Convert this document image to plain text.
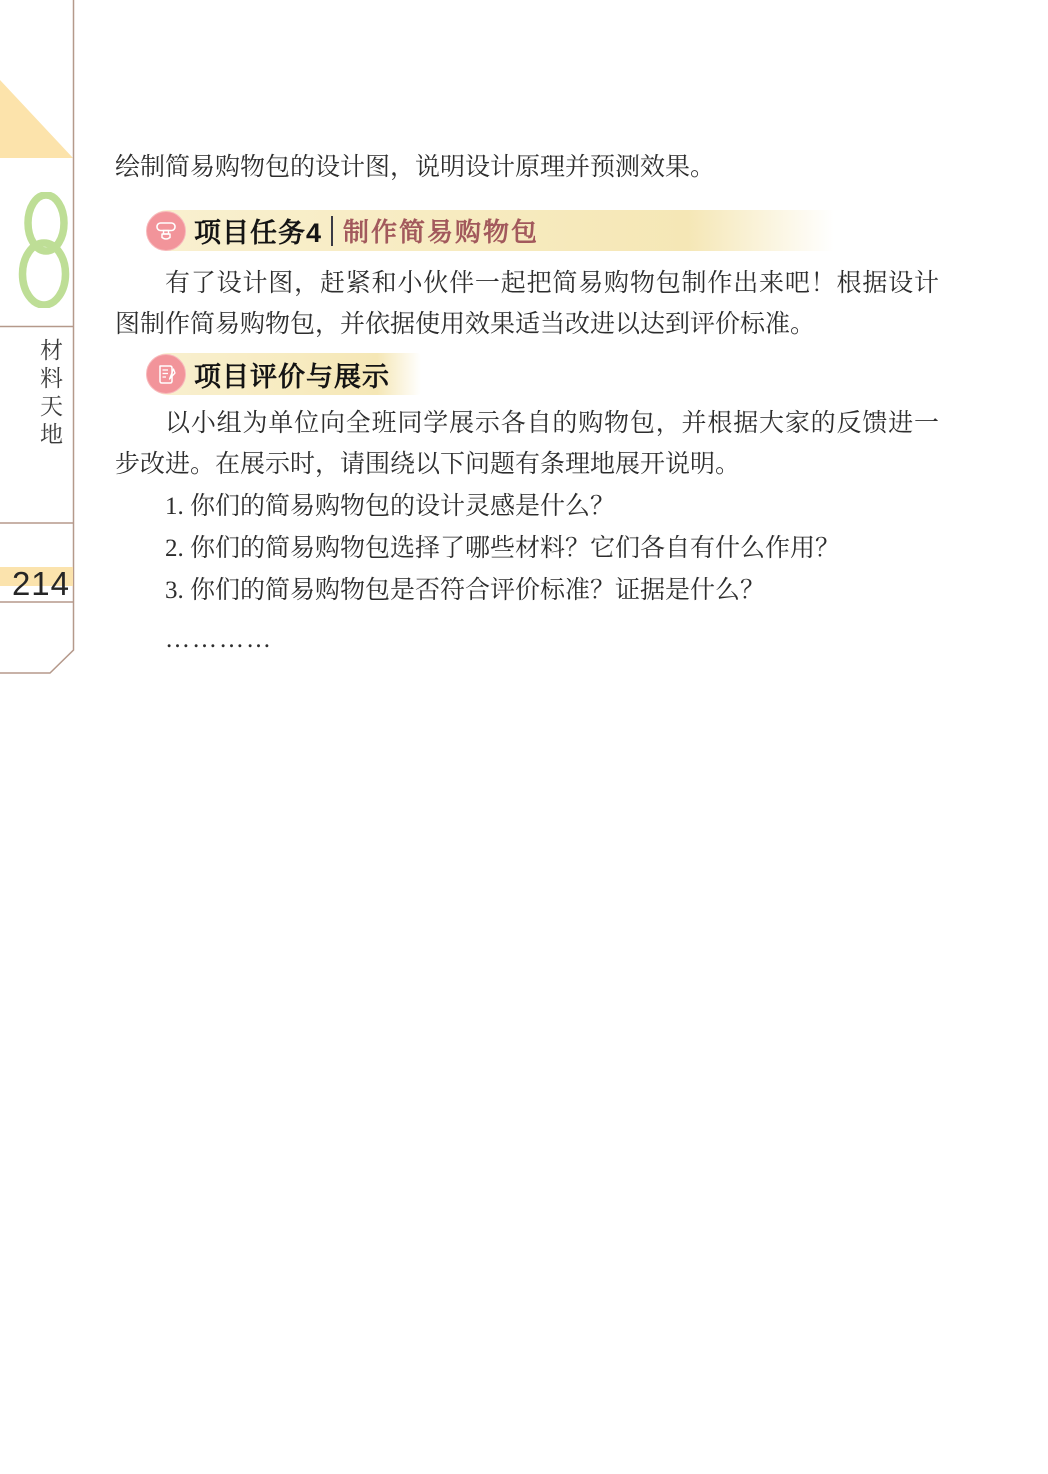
材料天地
214

绘制简易购物包的设计图，说明设计原理并预测效果。

项目任务4 制作简易购物包

有了设计图，赶紧和小伙伴一起把简易购物包制作出来吧！根据设计图制作简易购物包，并依据使用效果适当改进以达到评价标准。

项目评价与展示

以小组为单位向全班同学展示各自的购物包，并根据大家的反馈进一步改进。在展示时，请围绕以下问题有条理地展开说明。

1. 你们的简易购物包的设计灵感是什么？
2. 你们的简易购物包选择了哪些材料？它们各自有什么作用？
3. 你们的简易购物包是否符合评价标准？证据是什么？

…………
